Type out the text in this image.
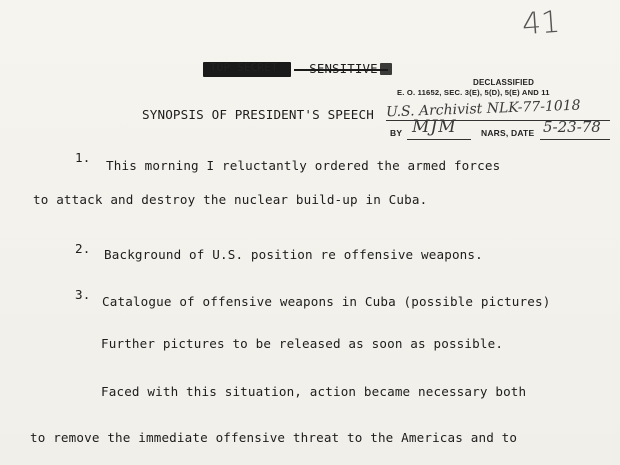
41
TOP SECRET
DECLASSIFIED
E. O. 11652, SEC. 3(E), 5(D), 5(E) AND 11
U.S. Archivist NLK-77-1018
BY MJM	NARS, DATE 5-23-78
SYNOPSIS OF PRESIDENT'S SPEECH
1.
This morning I reluctantly ordered the armed forces
to attack and destroy the nuclear build-up in Cuba.
2. Background of U.S. position re offensive weapons.
3. Catalogue of offensive weapons in Cuba (possible pictures)
Further pictures to be released as soon as possible.
Faced with this situation, action became necessary both
to remove the immediate offensive threat to the Americas and to
